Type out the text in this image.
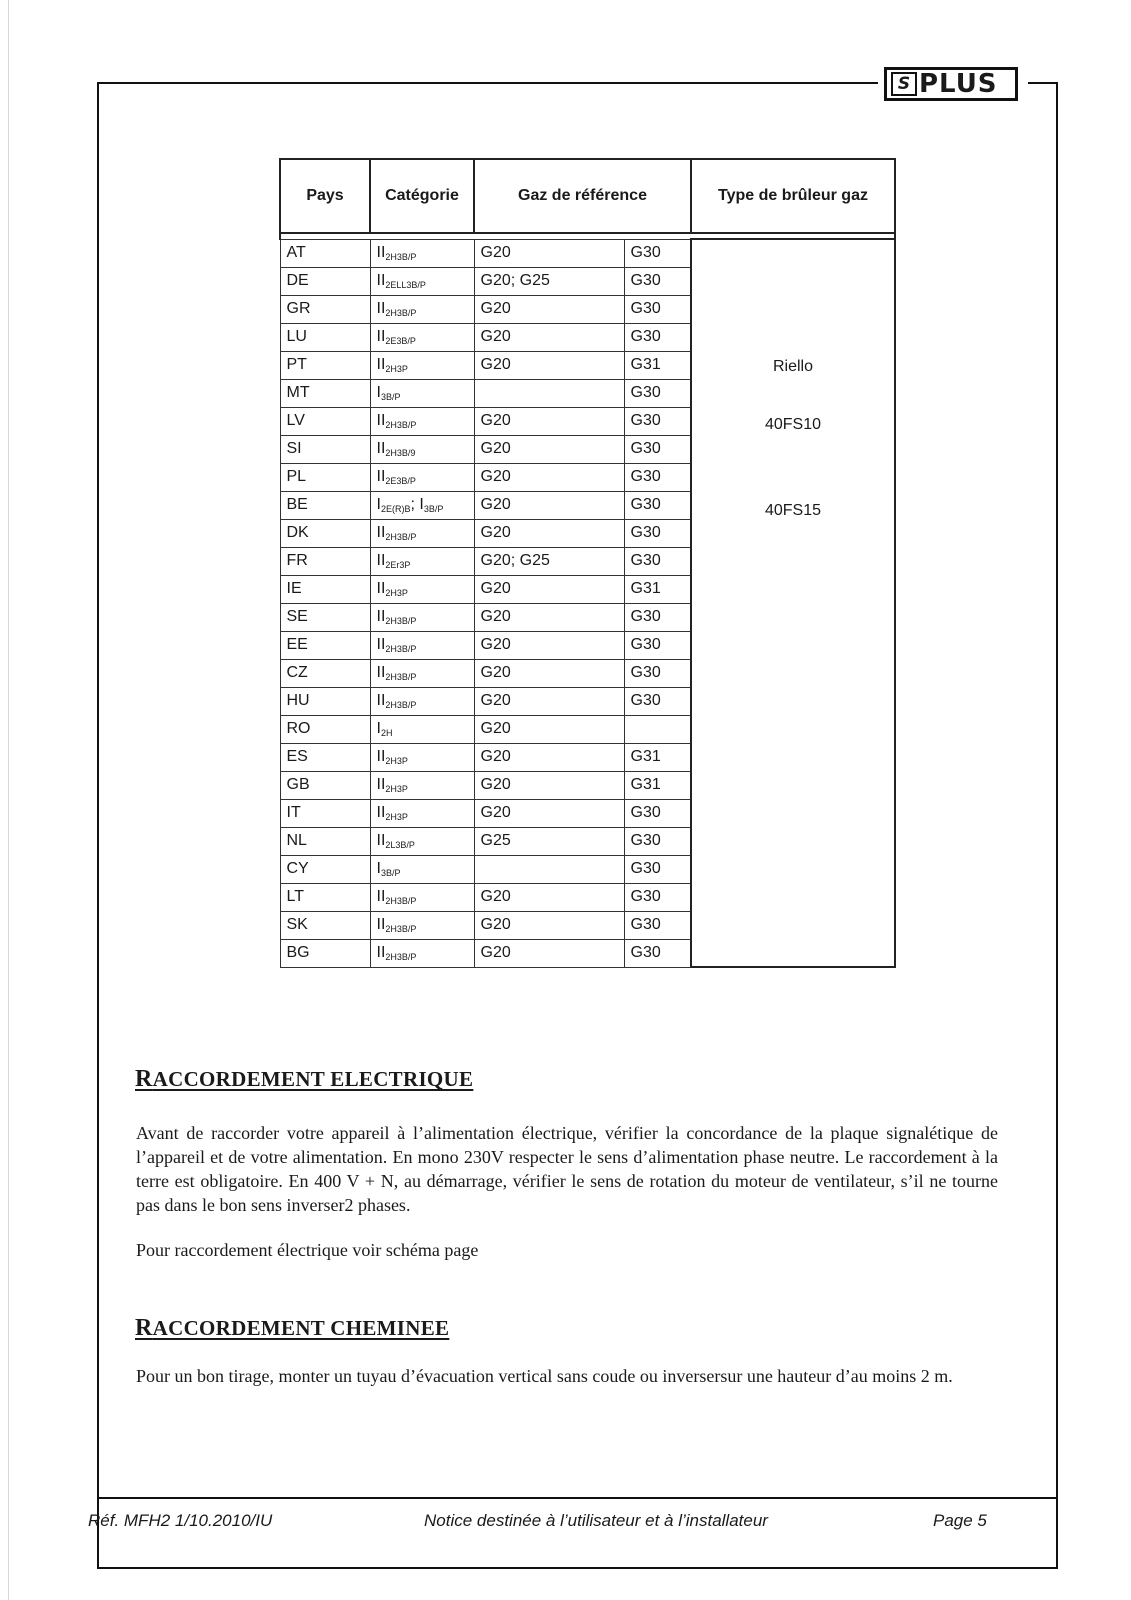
S PLUS
Pays	Catégorie	Gaz de référence		Type de brûleur gaz

AT	$II_{2H3B/P}$	G20	G30	Riello
40FS10
40FS15

DE	$II_{2ELL3B/P}$	G20; G25	G30	
GR	$II_{2H3B/P}$	G20	G30	
LU	$II_{2E3B/P}$	G20	G30	
PT	$II_{2H3P}$	G20	G31	
MT	$I_{3B/P}$		G30	
LV	$II_{2H3B/P}$	G20	G30	
SI	$II_{2H3B/9}$	G20	G30	
PL	$II_{2E3B/P}$	G20	G30	
BE	$I_{2E(R)B}$; $I_{3B/P}$	G20	G30	
DK	$II_{2H3B/P}$	G20	G30	
FR	$II_{2Er3P}$	G20; G25	G30	
IE	$II_{2H3P}$	G20	G31	
SE	$II_{2H3B/P}$	G20	G30	
EE	$II_{2H3B/P}$	G20	G30	
CZ	$II_{2H3B/P}$	G20	G30	
HU	$II_{2H3B/P}$	G20	G30	
RO	$I_{2H}$	G20		
ES	$II_{2H3P}$	G20	G31	
GB	$II_{2H3P}$	G20	G31	
IT	$II_{2H3P}$	G20	G30	
NL	$II_{2L3B/P}$	G25	G30	
CY	$I_{3B/P}$		G30	
LT	$II_{2H3B/P}$	G20	G30	
SK	$II_{2H3B/P}$	G20	G30	
BG	$II_{2H3B/P}$	G20	G30	
RACCORDEMENT ELECTRIQUE

Avant de raccorder votre appareil à l’alimentation électrique, vérifier la concordance de la plaque signalétique de l’appareil et de votre alimentation. En mono 230V respecter le sens d’alimentation phase neutre. Le raccordement à la terre est obligatoire. En 400 V + N, au démarrage, vérifier le sens de rotation du moteur de ventilateur, s’il ne tourne pas dans le bon sens inverser2 phases.

Pour raccordement électrique voir schéma page

RACCORDEMENT CHEMINEE

Pour un bon tirage, monter un tuyau d’évacuation vertical sans coude ou inversersur une hauteur d’au moins 2 m.

Réf. MFH2 1/10.2010/IU	Notice destinée à l’utilisateur et à l’installateur	Page 5
